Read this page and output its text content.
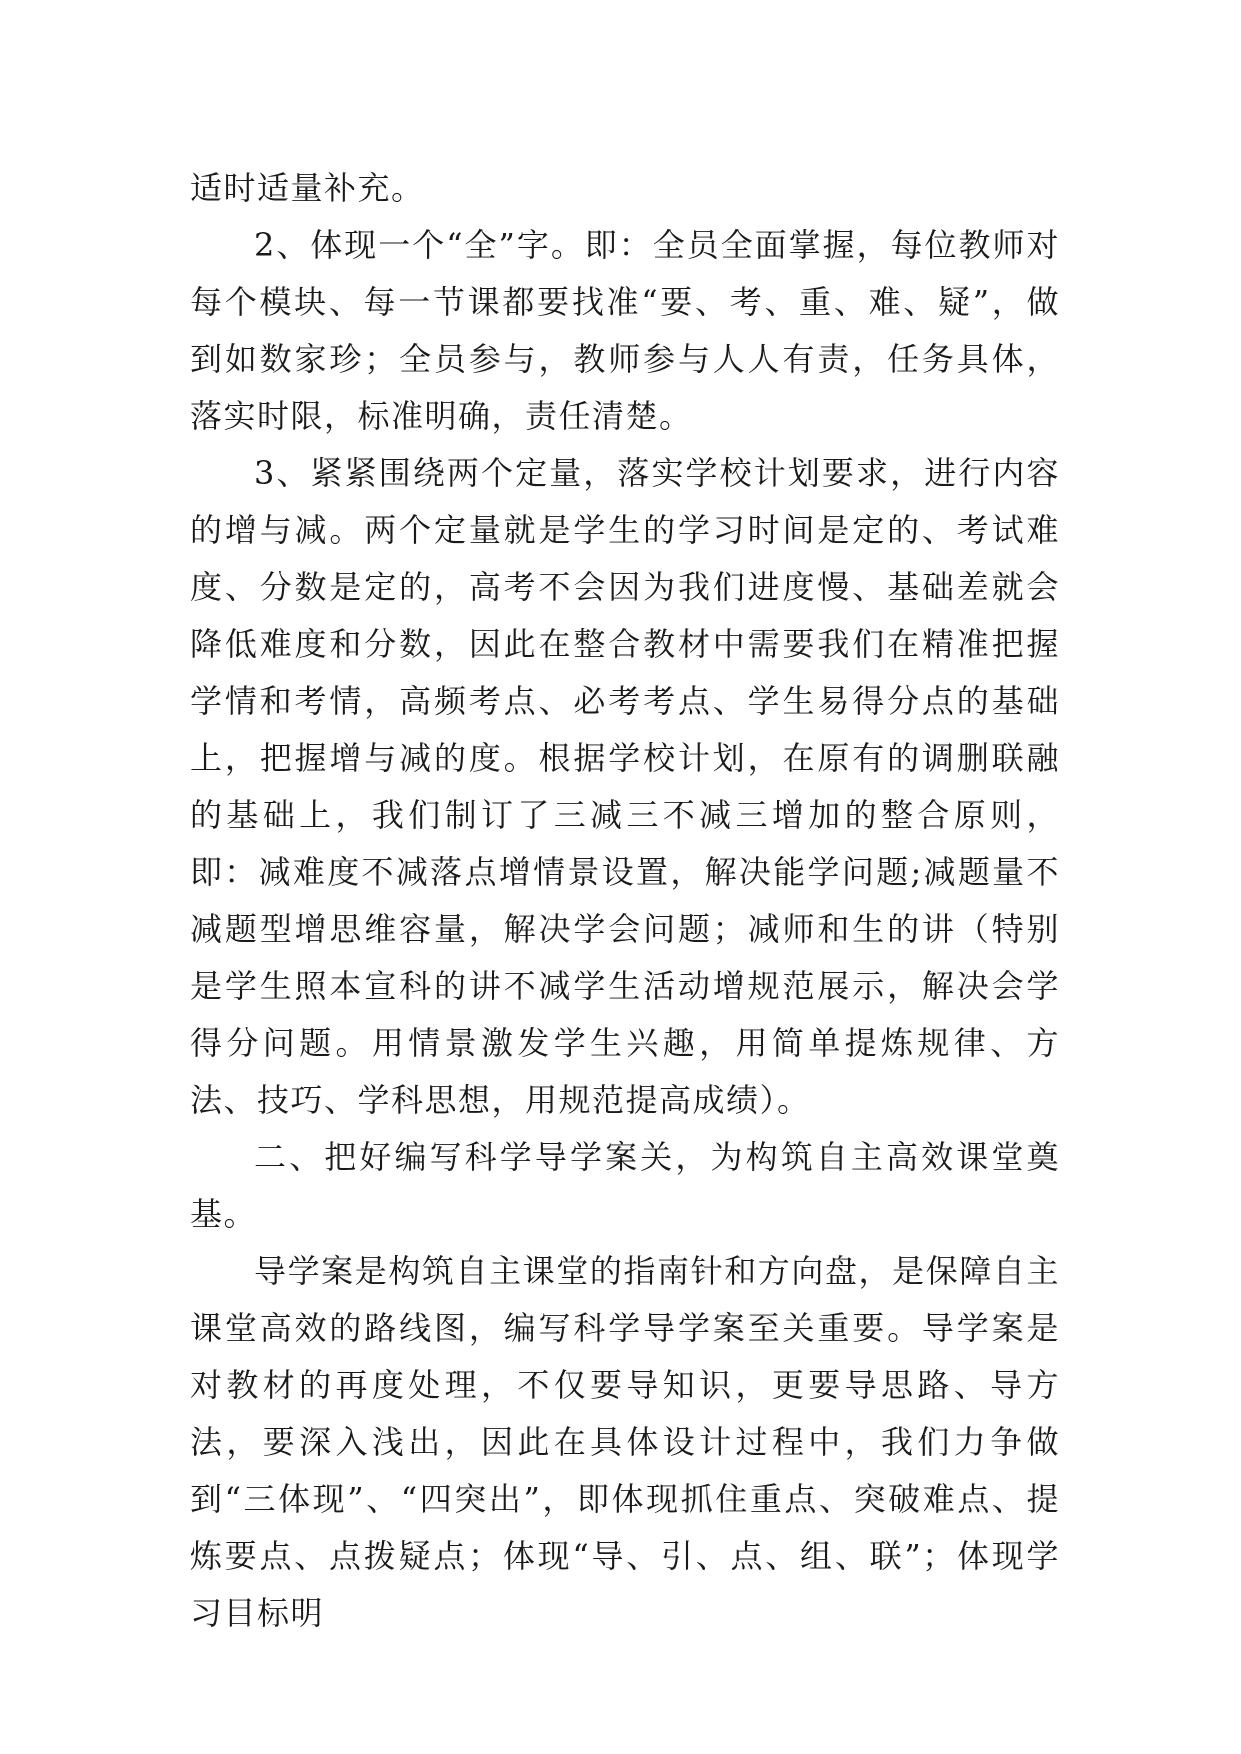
适时适量补充。

2、体现一个“全”字。即：全员全面掌握，每位教师对每个模块、每一节课都要找准“要、考、重、难、疑”，做到如数家珍；全员参与，教师参与人人有责，任务具体，落实时限，标准明确，责任清楚。

3、紧紧围绕两个定量，落实学校计划要求，进行内容的增与减。两个定量就是学生的学习时间是定的、考试难度、分数是定的，高考不会因为我们进度慢、基础差就会降低难度和分数，因此在整合教材中需要我们在精准把握学情和考情，高频考点、必考考点、学生易得分点的基础上，把握增与减的度。根据学校计划，在原有的调删联融的基础上，我们制订了三减三不减三增加的整合原则，即：减难度不减落点增情景设置，解决能学问题;减题量不减题型增思维容量，解决学会问题；减师和生的讲（特别是学生照本宣科的讲不减学生活动增规范展示，解决会学得分问题。用情景激发学生兴趣，用简单提炼规律、方法、技巧、学科思想，用规范提高成绩）。

二、把好编写科学导学案关，为构筑自主高效课堂奠基。

导学案是构筑自主课堂的指南针和方向盘，是保障自主课堂高效的路线图，编写科学导学案至关重要。导学案是对教材的再度处理，不仅要导知识，更要导思路、导方法，要深入浅出，因此在具体设计过程中，我们力争做到“三体现”、“四突出”，即体现抓住重点、突破难点、提炼要点、点拨疑点；体现“导、引、点、组、联”；体现学习目标明
